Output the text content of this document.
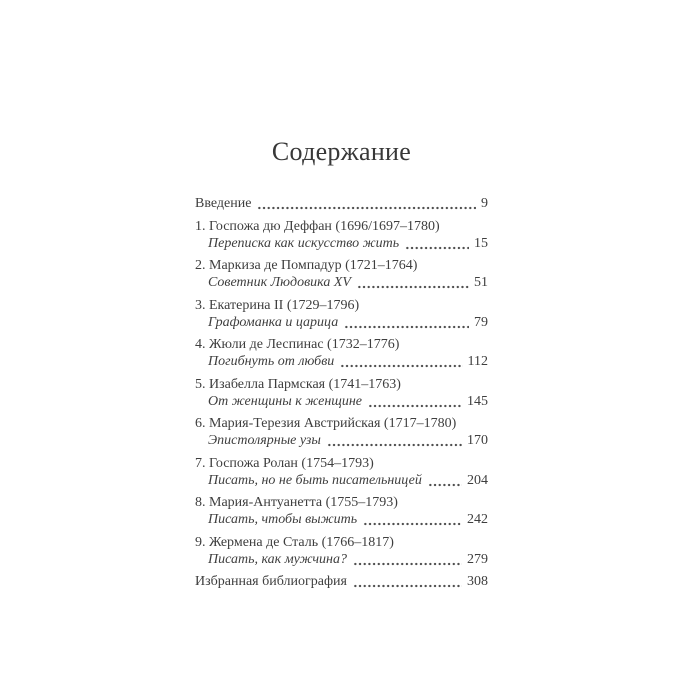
Содержание
Введение	9
1. Госпожа дю Деффан (1696/1697–1780)
Переписка как искусство жить	15
2. Маркиза де Помпадур (1721–1764)
Советник Людовика XV	51
3. Екатерина II (1729–1796)
Графоманка и царица	79
4. Жюли де Леспинас (1732–1776)
Погибнуть от любви	112
5. Изабелла Пармская (1741–1763)
От женщины к женщине	145
6. Мария-Терезия Австрийская (1717–1780)
Эпистолярные узы	170
7. Госпожа Ролан (1754–1793)
Писать, но не быть писательницей	204
8. Мария-Антуанетта (1755–1793)
Писать, чтобы выжить	242
9. Жермена де Сталь (1766–1817)
Писать, как мужчина?	279
Избранная библиография	308
